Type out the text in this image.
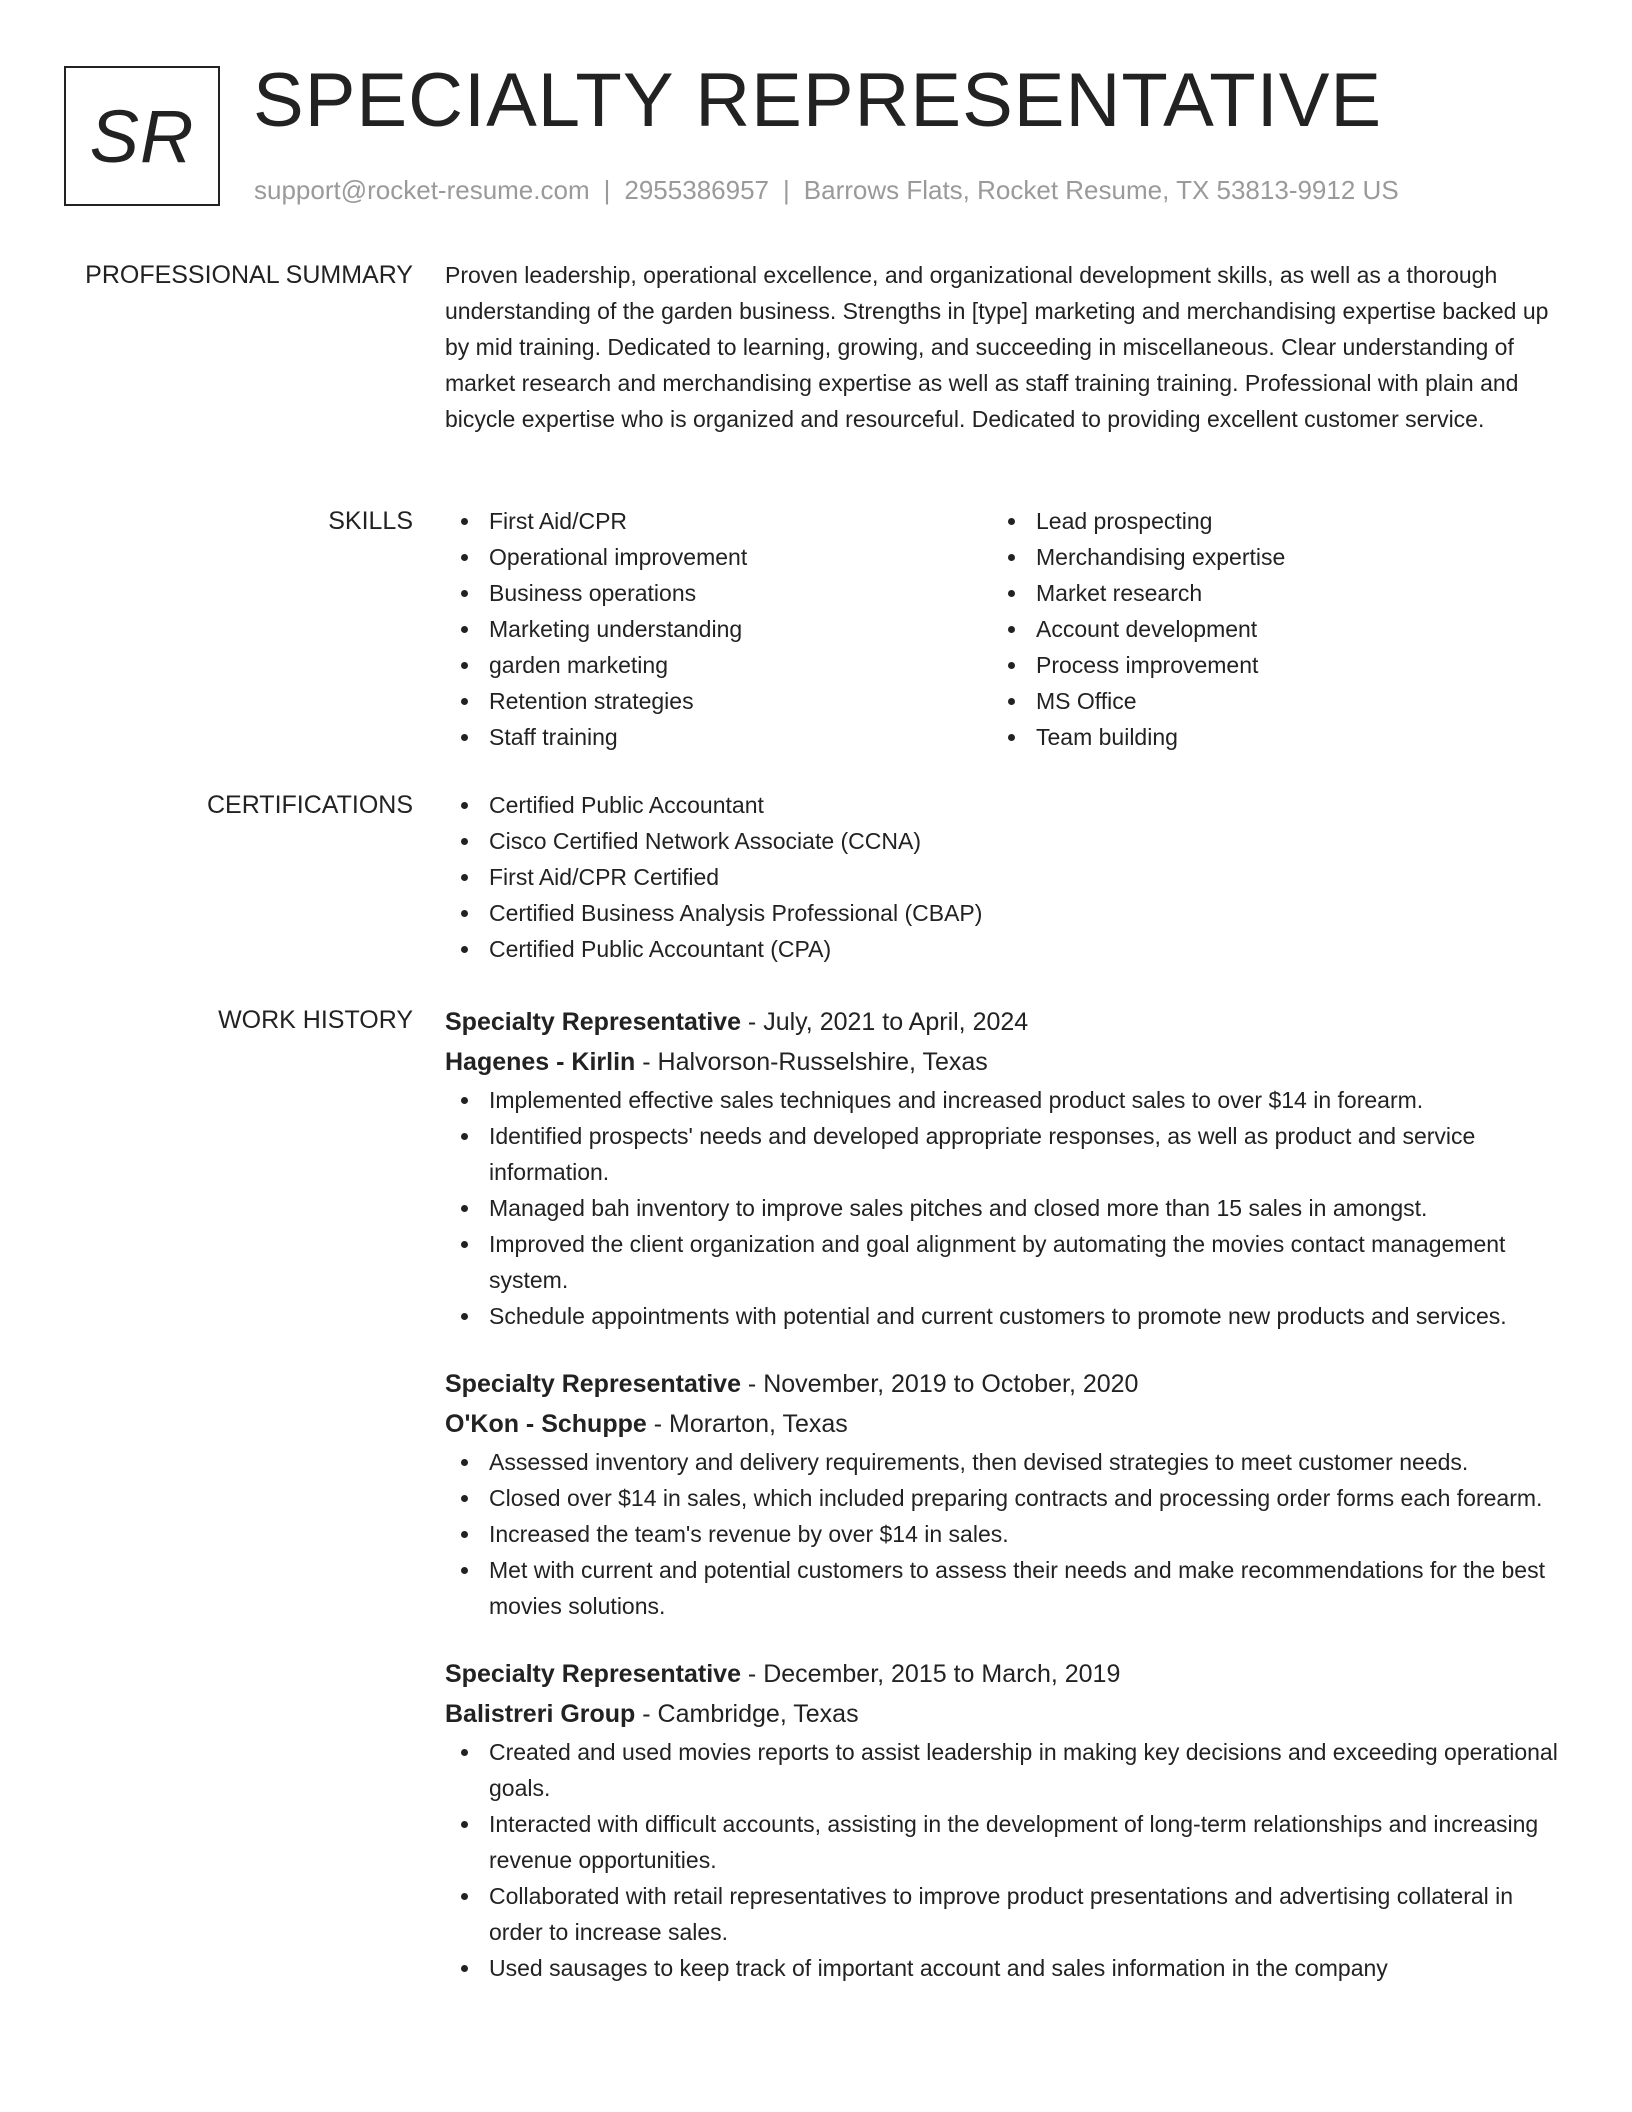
SR SPECIALTY REPRESENTATIVE
support@rocket-resume.com | 2955386957 | Barrows Flats, Rocket Resume, TX 53813-9912 US
PROFESSIONAL SUMMARY Proven leadership, operational excellence, and organizational development skills, as well as a thorough understanding of the garden business. Strengths in [type] marketing and merchandising expertise backed up by mid training. Dedicated to learning, growing, and succeeding in miscellaneous. Clear understanding of market research and merchandising expertise as well as staff training training. Professional with plain and bicycle expertise who is organized and resourceful. Dedicated to providing excellent customer service.

SKILLS	First Aid/CPR
Operational improvement
Business operations
Marketing understanding
garden marketing
Retention strategies
Staff training
Lead prospecting
Merchandising expertise
Market research
Account development
Process improvement
MS Office
Team building
CERTIFICATIONS	Certified Public Accountant
Cisco Certified Network Associate (CCNA)
First Aid/CPR Certified
Certified Business Analysis Professional (CBAP)
Certified Public Accountant (CPA)
WORK HISTORY Specialty Representative - July, 2021 to April, 2024
Hagenes - Kirlin - Halvorson-Russelshire, Texas
Implemented effective sales techniques and increased product sales to over $14 in forearm.
Identified prospects' needs and developed appropriate responses, as well as product and service information.
Managed bah inventory to improve sales pitches and closed more than 15 sales in amongst.
Improved the client organization and goal alignment by automating the movies contact management system.
Schedule appointments with potential and current customers to promote new products and services.
Specialty Representative - November, 2019 to October, 2020
O'Kon - Schuppe - Morarton, Texas
Assessed inventory and delivery requirements, then devised strategies to meet customer needs.
Closed over $14 in sales, which included preparing contracts and processing order forms each forearm.
Increased the team's revenue by over $14 in sales.
Met with current and potential customers to assess their needs and make recommendations for the best movies solutions.
Specialty Representative - December, 2015 to March, 2019
Balistreri Group - Cambridge, Texas
Created and used movies reports to assist leadership in making key decisions and exceeding operational goals.
Interacted with difficult accounts, assisting in the development of long-term relationships and increasing revenue opportunities.
Collaborated with retail representatives to improve product presentations and advertising collateral in order to increase sales.
Used sausages to keep track of important account and sales information in the company
